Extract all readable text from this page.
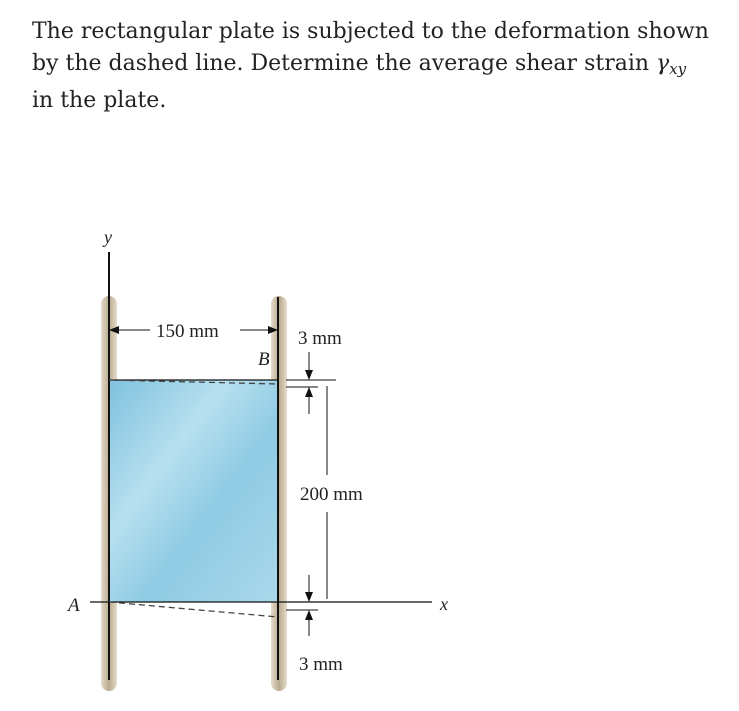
The rectangular plate is subjected to the deformation shown by the dashed line. Determine the average shear strain $\gamma_{xy}$ in the plate.
y
x
A
B
150 mm	3 mm
200 mm
3 mm
